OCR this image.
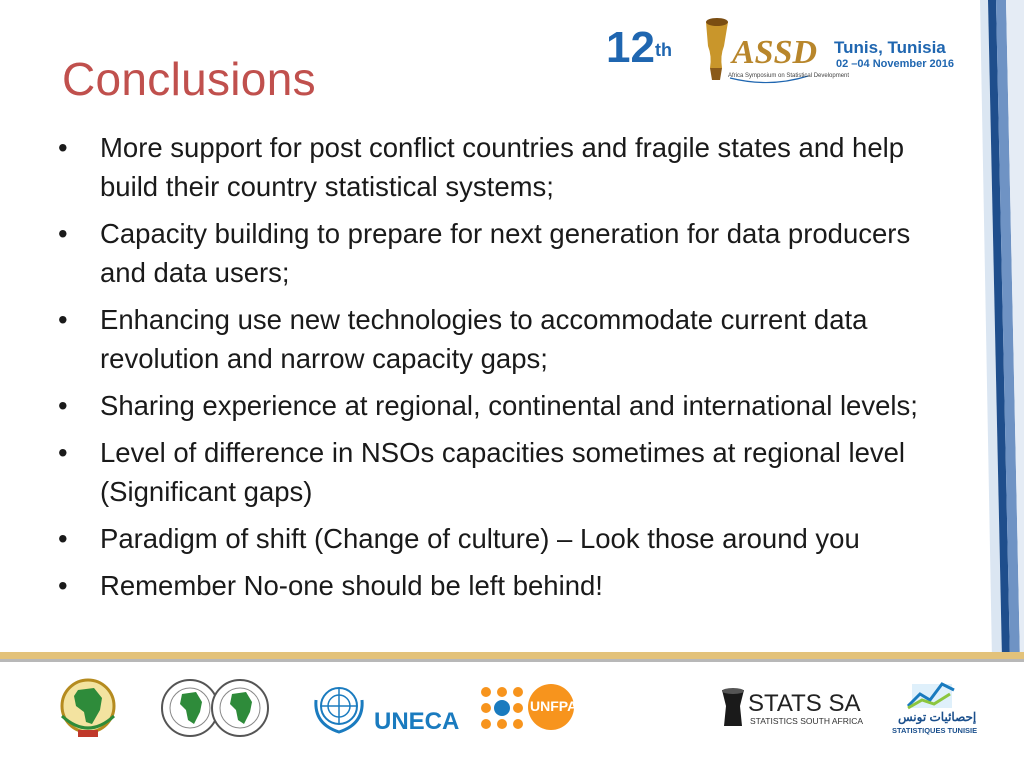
12th ASSD
Africa Symposium on Statistical Development
Tunis, Tunisia
02 –04 November 2016
Conclusions
• More support for post conflict countries and fragile states and help build their country statistical systems;
• Capacity building to prepare for next generation for data producers and data users;
• Enhancing use new technologies to accommodate current data revolution and narrow capacity gaps;
• Sharing experience at regional, continental and international levels;
• Level of difference in NSOs capacities sometimes at regional level (Significant gaps)
• Paradigm of shift (Change of culture) – Look those around you
• Remember No-one should be left behind!
UNECA
UNFPA	STATS SA
STATISTICS SOUTH AFRICA	إحصائيات تونس
STATISTIQUES TUNISIE
